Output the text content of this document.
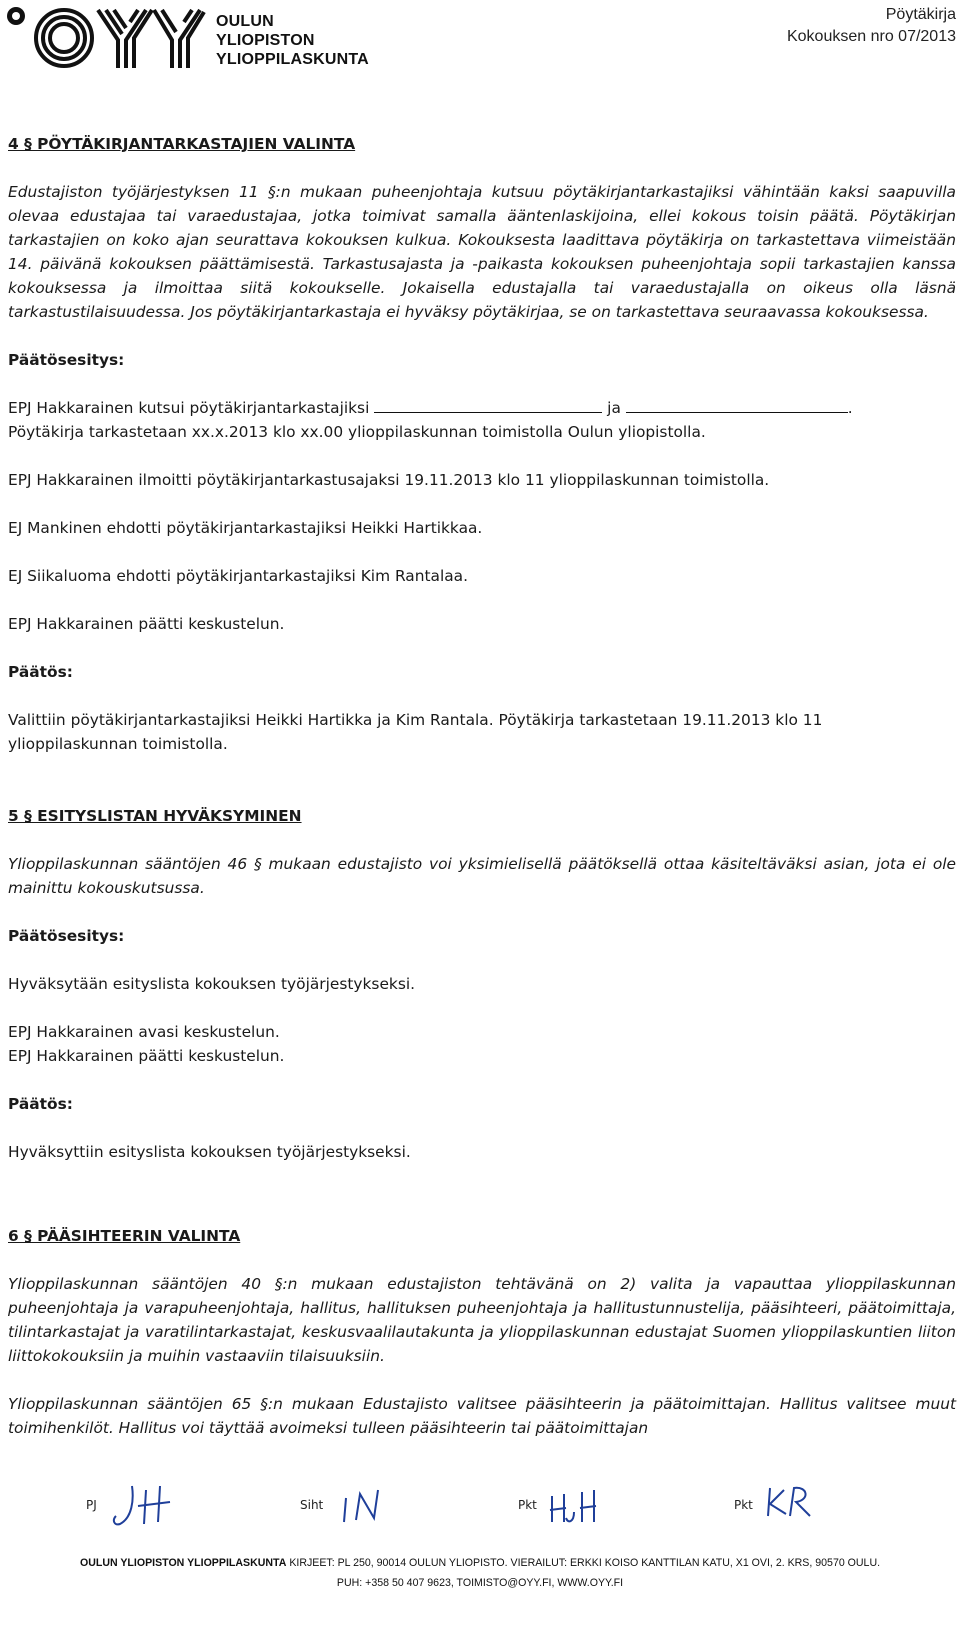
OULUN
YLIOPISTON
YLIOPPILASKUNTA
Pöytäkirja
Kokouksen nro 07/2013

4 § PÖYTÄKIRJANTARKASTAJIEN VALINTA

Edustajiston työjärjestyksen 11 §:n mukaan puheenjohtaja kutsuu pöytäkirjantarkastajiksi vähintään kaksi saapuvilla olevaa edustajaa tai varaedustajaa, jotka toimivat samalla ääntenlaskijoina, ellei kokous toisin päätä. Pöytäkirjan tarkastajien on koko ajan seurattava kokouksen kulkua. Kokouksesta laadittava pöytäkirja on tarkastettava viimeistään 14. päivänä kokouksen päättämisestä. Tarkastusajasta ja -paikasta kokouksen puheenjohtaja sopii tarkastajien kanssa kokouksessa ja ilmoittaa siitä kokoukselle. Jokaisella edustajalla tai varaedustajalla on oikeus olla läsnä tarkastustilaisuudessa. Jos pöytäkirjantarkastaja ei hyväksy pöytäkirjaa, se on tarkastettava seuraavassa kokouksessa.

Päätösesitys:

EPJ Hakkarainen kutsui pöytäkirjantarkastajiksi	ja	.

Pöytäkirja tarkastetaan xx.x.2013 klo xx.00 ylioppilaskunnan toimistolla Oulun yliopistolla.

EPJ Hakkarainen ilmoitti pöytäkirjantarkastusajaksi 19.11.2013 klo 11 ylioppilaskunnan toimistolla.

EJ Mankinen ehdotti pöytäkirjantarkastajiksi Heikki Hartikkaa.

EJ Siikaluoma ehdotti pöytäkirjantarkastajiksi Kim Rantalaa.

EPJ Hakkarainen päätti keskustelun.

Päätös:

Valittiin pöytäkirjantarkastajiksi Heikki Hartikka ja Kim Rantala. Pöytäkirja tarkastetaan 19.11.2013 klo 11 ylioppilaskunnan toimistolla.

5 § ESITYSLISTAN HYVÄKSYMINEN

Ylioppilaskunnan sääntöjen 46 § mukaan edustajisto voi yksimielisellä päätöksellä ottaa käsiteltäväksi asian, jota ei ole mainittu kokouskutsussa.

Päätösesitys:

Hyväksytään esityslista kokouksen työjärjestykseksi.

EPJ Hakkarainen avasi keskustelun.

EPJ Hakkarainen päätti keskustelun.

Päätös:

Hyväksyttiin esityslista kokouksen työjärjestykseksi.

6 § PÄÄSIHTEERIN VALINTA

Ylioppilaskunnan sääntöjen 40 §:n mukaan edustajiston tehtävänä on 2) valita ja vapauttaa ylioppilaskunnan puheenjohtaja ja varapuheenjohtaja, hallitus, hallituksen puheenjohtaja ja hallitustunnustelija, pääsihteeri, päätoimittaja, tilintarkastajat ja varatilintarkastajat, keskusvaalilautakunta ja ylioppilaskunnan edustajat Suomen ylioppilaskuntien liiton liittokokouksiin ja muihin vastaaviin tilaisuuksiin.

Ylioppilaskunnan sääntöjen 65 §:n mukaan Edustajisto valitsee pääsihteerin ja päätoimittajan. Hallitus valitsee muut toimihenkilöt. Hallitus voi täyttää avoimeksi tulleen pääsihteerin tai päätoimittajan

PJ	Siht	Pkt	Pkt
OULUN YLIOPISTON YLIOPPILASKUNTA KIRJEET: PL 250, 90014 OULUN YLIOPISTO. VIERAILUT: ERKKI KOISO KANTTILAN KATU, X1 OVI, 2. KRS, 90570 OULU.
PUH: +358 50 407 9623, TOIMISTO@OYY.FI, WWW.OYY.FI
